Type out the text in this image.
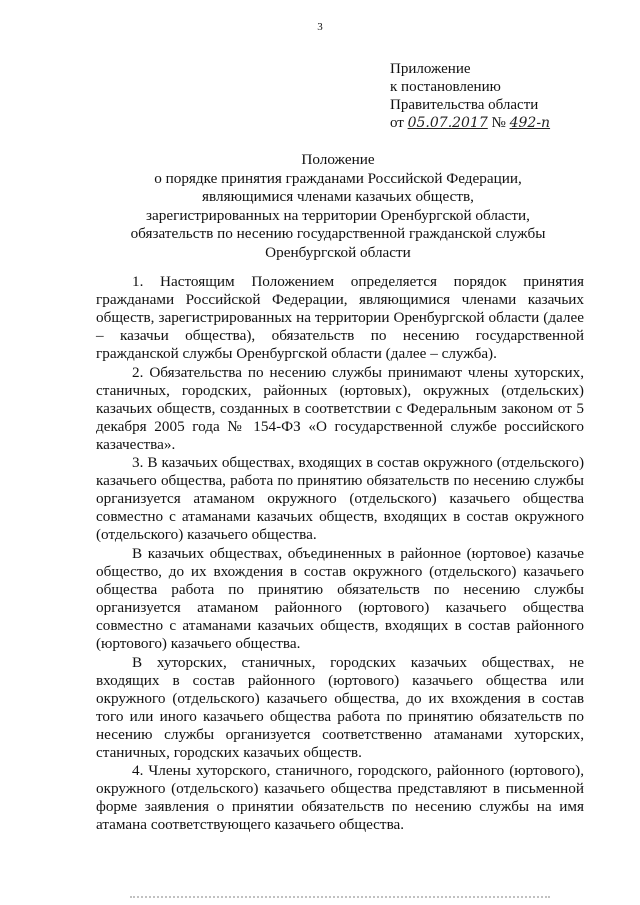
3
Приложение
к постановлению
Правительства области
от 05.07.2017 № 492-п
Положение
о порядке принятия гражданами Российской Федерации,
являющимися членами казачьих обществ,
зарегистрированных на территории Оренбургской области,
обязательств по несению государственной гражданской службы
Оренбургской области

1. Настоящим Положением определяется порядок принятия гражданами Российской Федерации, являющимися членами казачьих обществ, зарегистрированных на территории Оренбургской области (далее – казачьи общества), обязательств по несению государственной гражданской службы Оренбургской области (далее – служба).

2. Обязательства по несению службы принимают члены хуторских, станичных, городских, районных (юртовых), окружных (отдельских) казачьих обществ, созданных в соответствии с Федеральным законом от 5 декабря 2005 года № 154-ФЗ «О государственной службе российского казачества».

3. В казачьих обществах, входящих в состав окружного (отдельского) казачьего общества, работа по принятию обязательств по несению службы организуется атаманом окружного (отдельского) казачьего общества совместно с атаманами казачьих обществ, входящих в состав окружного (отдельского) казачьего общества.

В казачьих обществах, объединенных в районное (юртовое) казачье общество, до их вхождения в состав окружного (отдельского) казачьего общества работа по принятию обязательств по несению службы организуется атаманом районного (юртового) казачьего общества совместно с атаманами казачьих обществ, входящих в состав районного (юртового) казачьего общества.

В хуторских, станичных, городских казачьих обществах, не входящих в состав районного (юртового) казачьего общества или окружного (отдельского) казачьего общества, до их вхождения в состав того или иного казачьего общества работа по принятию обязательств по несению службы организуется соответственно атаманами хуторских, станичных, городских казачьих обществ.

4. Члены хуторского, станичного, городского, районного (юртового), окружного (отдельского) казачьего общества представляют в письменной форме заявления о принятии обязательств по несению службы на имя атамана соответствующего казачьего общества.
